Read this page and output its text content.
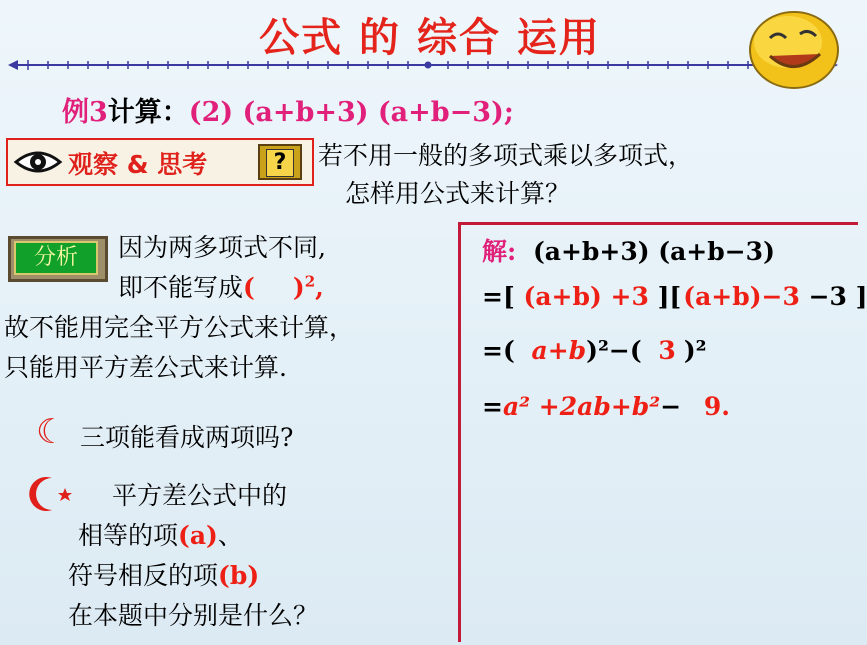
公式 的 综合 运用
例3计算：(2) (a+b+3) (a+b−3);
观察 & 思考	?	若不用一般的多项式乘以多项式，
怎样用公式来计算？
分析	因为两多项式不同,
即不能写成( )$^2$,
故不能用完全平方公式来计算，
只能用平方差公式来计算.
☾ 三项能看成两项吗?
平方差公式中的
相等的项(a)、
符号相反的项(b)
在本题中分别是什么？
解: (a+b+3) (a+b−3)
=[ (a+b) +3 ][(a+b)−3 −3 ]
=( a+b)²−( 3 )²
=a² +2ab+b²− 9.
